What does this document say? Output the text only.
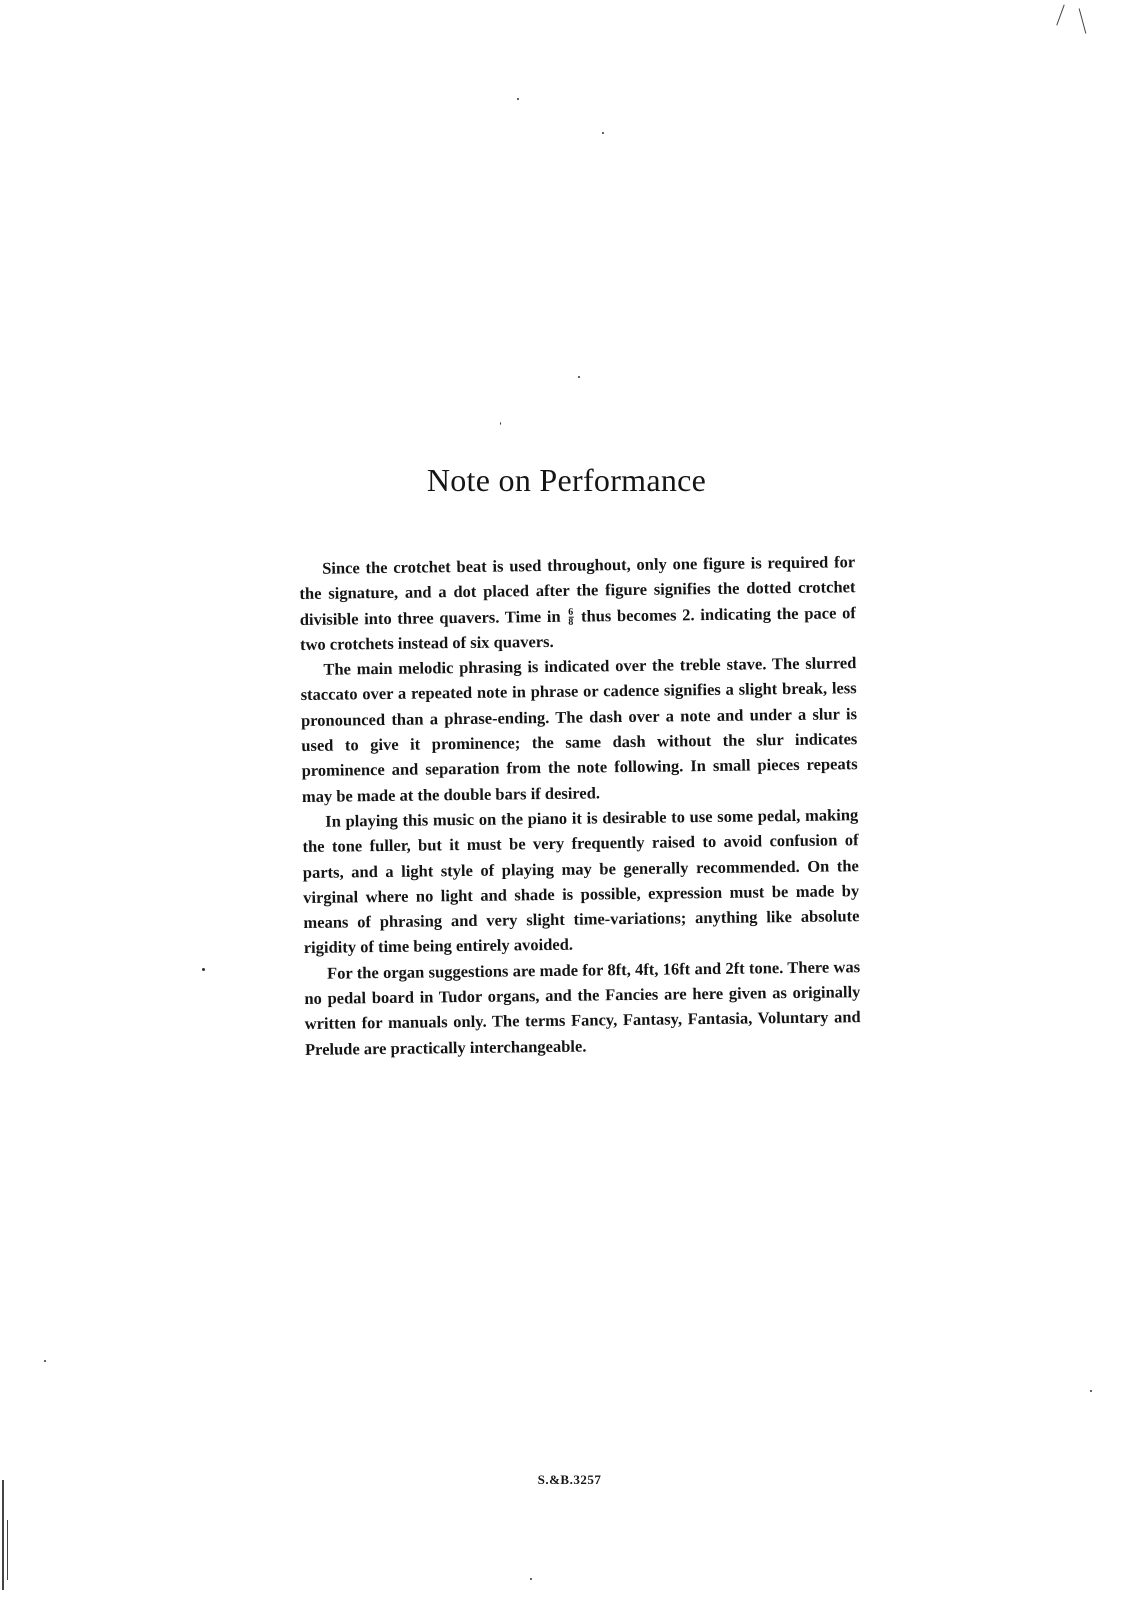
Note on Performance

Since the crotchet beat is used throughout, only one figure is required for the signature, and a dot placed after the figure signifies the dotted crotchet divisible into three quavers. Time in $\frac{6}{8}$ thus becomes 2. indicating the pace of two crotchets instead of six quavers.

The main melodic phrasing is indicated over the treble stave. The slurred staccato over a repeated note in phrase or cadence signifies a slight break, less pronounced than a phrase-ending. The dash over a note and under a slur is used to give it prominence; the same dash without the slur indicates prominence and separation from the note following. In small pieces repeats may be made at the double bars if desired.

In playing this music on the piano it is desirable to use some pedal, making the tone fuller, but it must be very frequently raised to avoid confusion of parts, and a light style of playing may be generally recommended. On the virginal where no light and shade is possible, expression must be made by means of phrasing and very slight time-variations; anything like absolute rigidity of time being entirely avoided.

For the organ suggestions are made for 8ft, 4ft, 16ft and 2ft tone. There was no pedal board in Tudor organs, and the Fancies are here given as originally written for manuals only. The terms Fancy, Fantasy, Fantasia, Voluntary and Prelude are practically interchangeable.

S.&B.3257
